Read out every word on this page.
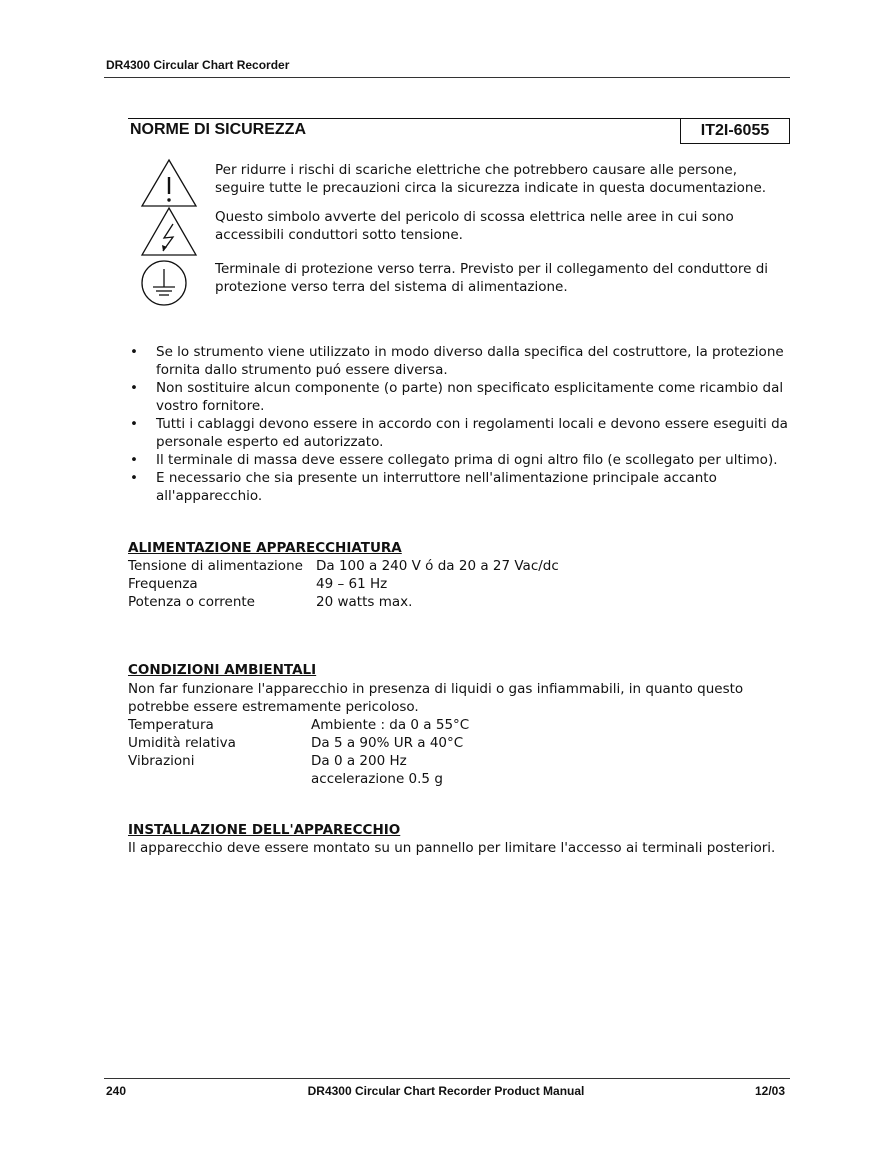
DR4300 Circular Chart Recorder
NORME DI SICUREZZA	IT2I-6055
Per ridurre i rischi di scariche elettriche che potrebbero causare alle persone, seguire tutte le precauzioni circa la sicurezza indicate in questa documentazione.
Questo simbolo avverte del pericolo di scossa elettrica nelle aree in cui sono accessibili conduttori sotto tensione.
Terminale di protezione verso terra. Previsto per il collegamento del conduttore di protezione verso terra del sistema di alimentazione.
• Se lo strumento viene utilizzato in modo diverso dalla specifica del costruttore, la protezione fornita dallo strumento puó essere diversa.
• Non sostituire alcun componente (o parte) non specificato esplicitamente come ricambio dal vostro fornitore.
• Tutti i cablaggi devono essere in accordo con i regolamenti locali e devono essere eseguiti da personale esperto ed autorizzato.
• Il terminale di massa deve essere collegato prima di ogni altro filo (e scollegato per ultimo).
• E necessario che sia presente un interruttore nell'alimentazione principale accanto all'apparecchio.
ALIMENTAZIONE APPARECCHIATURA
Tensione di alimentazione Da 100 a 240 V ó da 20 a 27 Vac/dc
Frequenza	49 – 61 Hz
Potenza o corrente	20 watts max.
CONDIZIONI AMBIENTALI
Non far funzionare l'apparecchio in presenza di liquidi o gas infiammabili, in quanto questo potrebbe essere estremamente pericoloso.
Temperatura	Ambiente : da 0 a 55°C
Umidità relativa	Da 5 a 90% UR a 40°C
Vibrazioni	Da 0 a 200 Hz
accelerazione 0.5 g
INSTALLAZIONE DELL'APPARECCHIO
Il apparecchio deve essere montato su un pannello per limitare l'accesso ai terminali posteriori.
240	DR4300 Circular Chart Recorder Product Manual	12/03
